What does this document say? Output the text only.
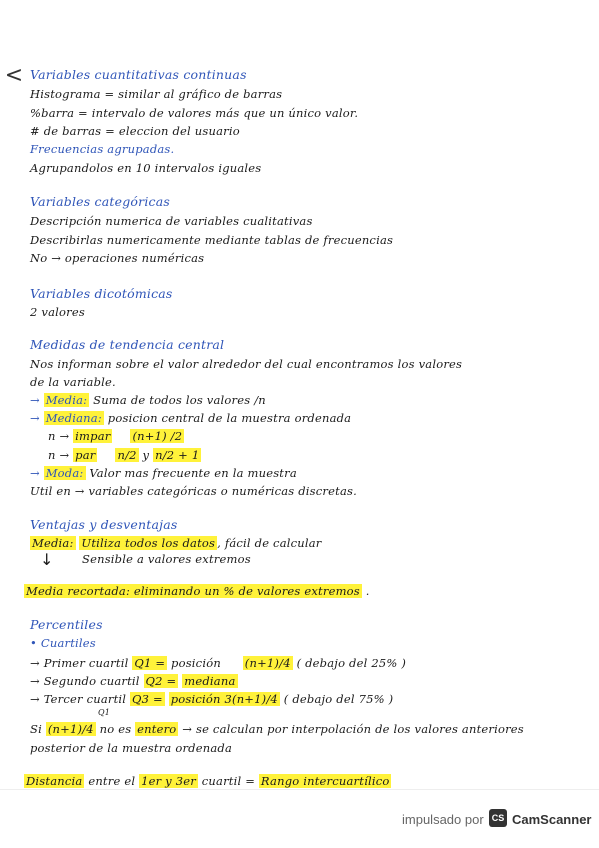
< Variables cuantitativas continuas
Histograma = similar al gráfico de barras
%barra = intervalo de valores más que un único valor.
# de barras = eleccion del usuario
Frecuencias agrupadas.
Agrupandolos en 10 intervalos iguales
Variables categóricas
Descripción numerica de variables cualitativas
Describirlas numericamente mediante tablas de frecuencias
No → operaciones numéricas
Variables dicotómicas
2 valores
Medidas de tendencia central
Nos informan sobre el valor alrededor del cual encontramos los valores
de la variable.
→ Media: Suma de todos los valores /n
→ Mediana: posicion central de la muestra ordenada
n → impar (n+1) /2
n → par n/2 y n/2 + 1
→ Moda: Valor mas frecuente en la muestra
Util en → variables categóricas o numéricas discretas.
Ventajas y desventajas
Media: Utiliza todos los datos , fácil de calcular
↓ Sensible a valores extremos
Media recortada: eliminando un % de valores extremos .
Percentiles
• Cuartiles
→ Primer cuartil Q1 = posición (n+1)/4 ( debajo del 25% )
→ Segundo cuartil Q2 = mediana
→ Tercer cuartil Q3 = posición 3(n+1)/4 ( debajo del 75% )
Q1
Si (n+1)/4 no es entero → se calculan por interpolación de los valores anteriores
posterior de la muestra ordenada
Distancia entre el 1er y 3er cuartil = Rango intercuartílico
impulsado por CS CamScanner
